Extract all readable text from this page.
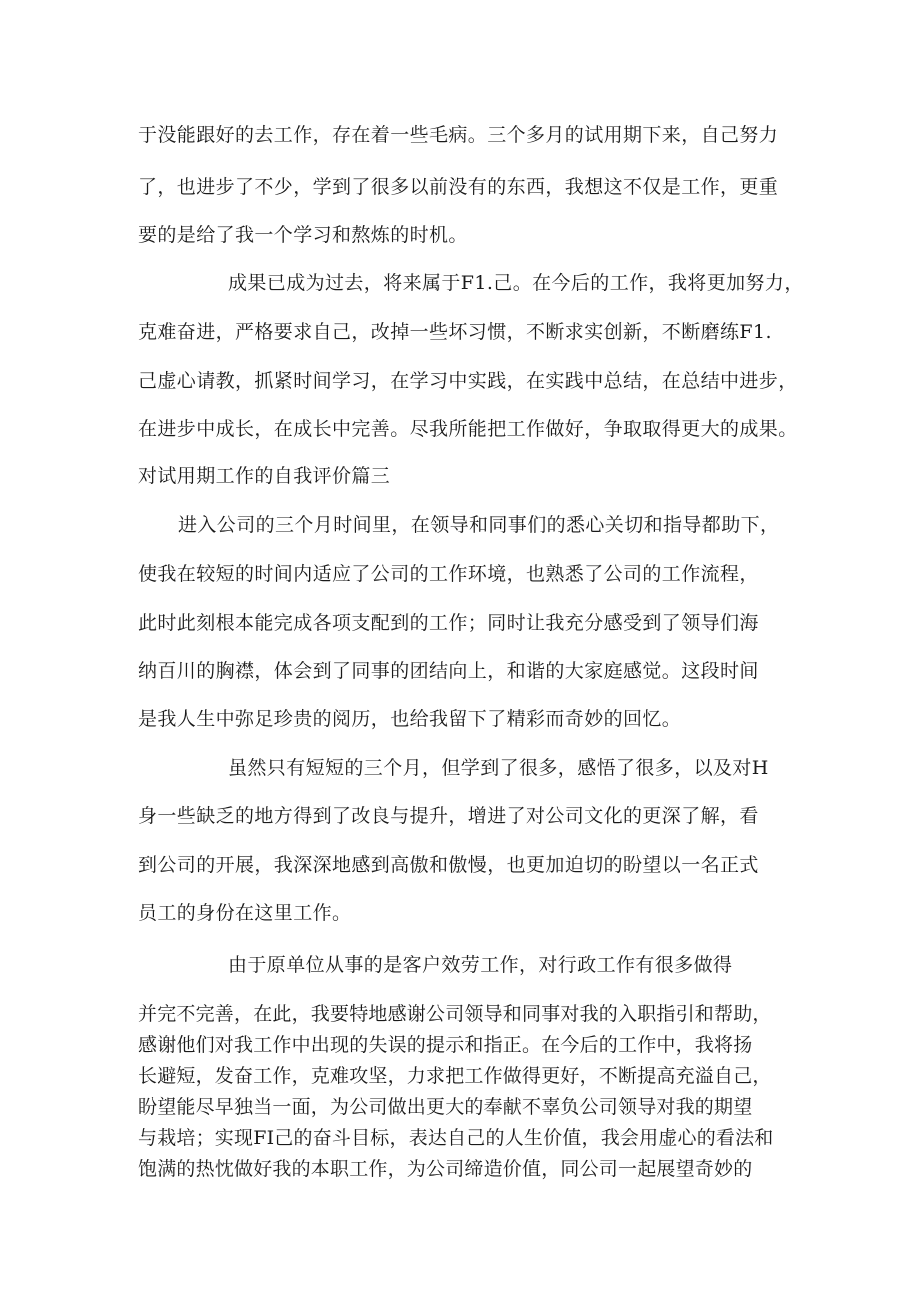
于没能跟好的去工作，存在着一些毛病。三个多月的试用期下来，自己努力
了，也进步了不少，学到了很多以前没有的东西，我想这不仅是工作，更重
要的是给了我一个学习和熬炼的时机。
成果已成为过去，将来属于F1.己。在今后的工作，我将更加努力，
克难奋进，严格要求自己，改掉一些坏习惯，不断求实创新，不断磨练F1.
己虚心请教，抓紧时间学习，在学习中实践，在实践中总结，在总结中进步，
在进步中成长，在成长中完善。尽我所能把工作做好，争取取得更大的成果。
对试用期工作的自我评价篇三
进入公司的三个月时间里，在领导和同事们的悉心关切和指导都助下，
使我在较短的时间内适应了公司的工作环境，也熟悉了公司的工作流程，
此时此刻根本能完成各项支配到的工作；同时让我充分感受到了领导们海
纳百川的胸襟，体会到了同事的团结向上，和谐的大家庭感觉。这段时间
是我人生中弥足珍贵的阅历，也给我留下了精彩而奇妙的回忆。
虽然只有短短的三个月，但学到了很多，感悟了很多，以及对H
身一些缺乏的地方得到了改良与提升，增进了对公司文化的更深了解，看
到公司的开展，我深深地感到高傲和傲慢，也更加迫切的盼望以一名正式
员工的身份在这里工作。
由于原单位从事的是客户效劳工作，对行政工作有很多做得
并完不完善，在此，我要特地感谢公司领导和同事对我的入职指引和帮助，
感谢他们对我工作中出现的失误的提示和指正。在今后的工作中，我将扬
长避短，发奋工作，克难攻坚，力求把工作做得更好，不断提高充溢自己，
盼望能尽早独当一面，为公司做出更大的奉献不辜负公司领导对我的期望
与栽培；实现FI己的奋斗目标，表达自己的人生价值，我会用虚心的看法和
饱满的热忱做好我的本职工作，为公司缔造价值，同公司一起展望奇妙的
